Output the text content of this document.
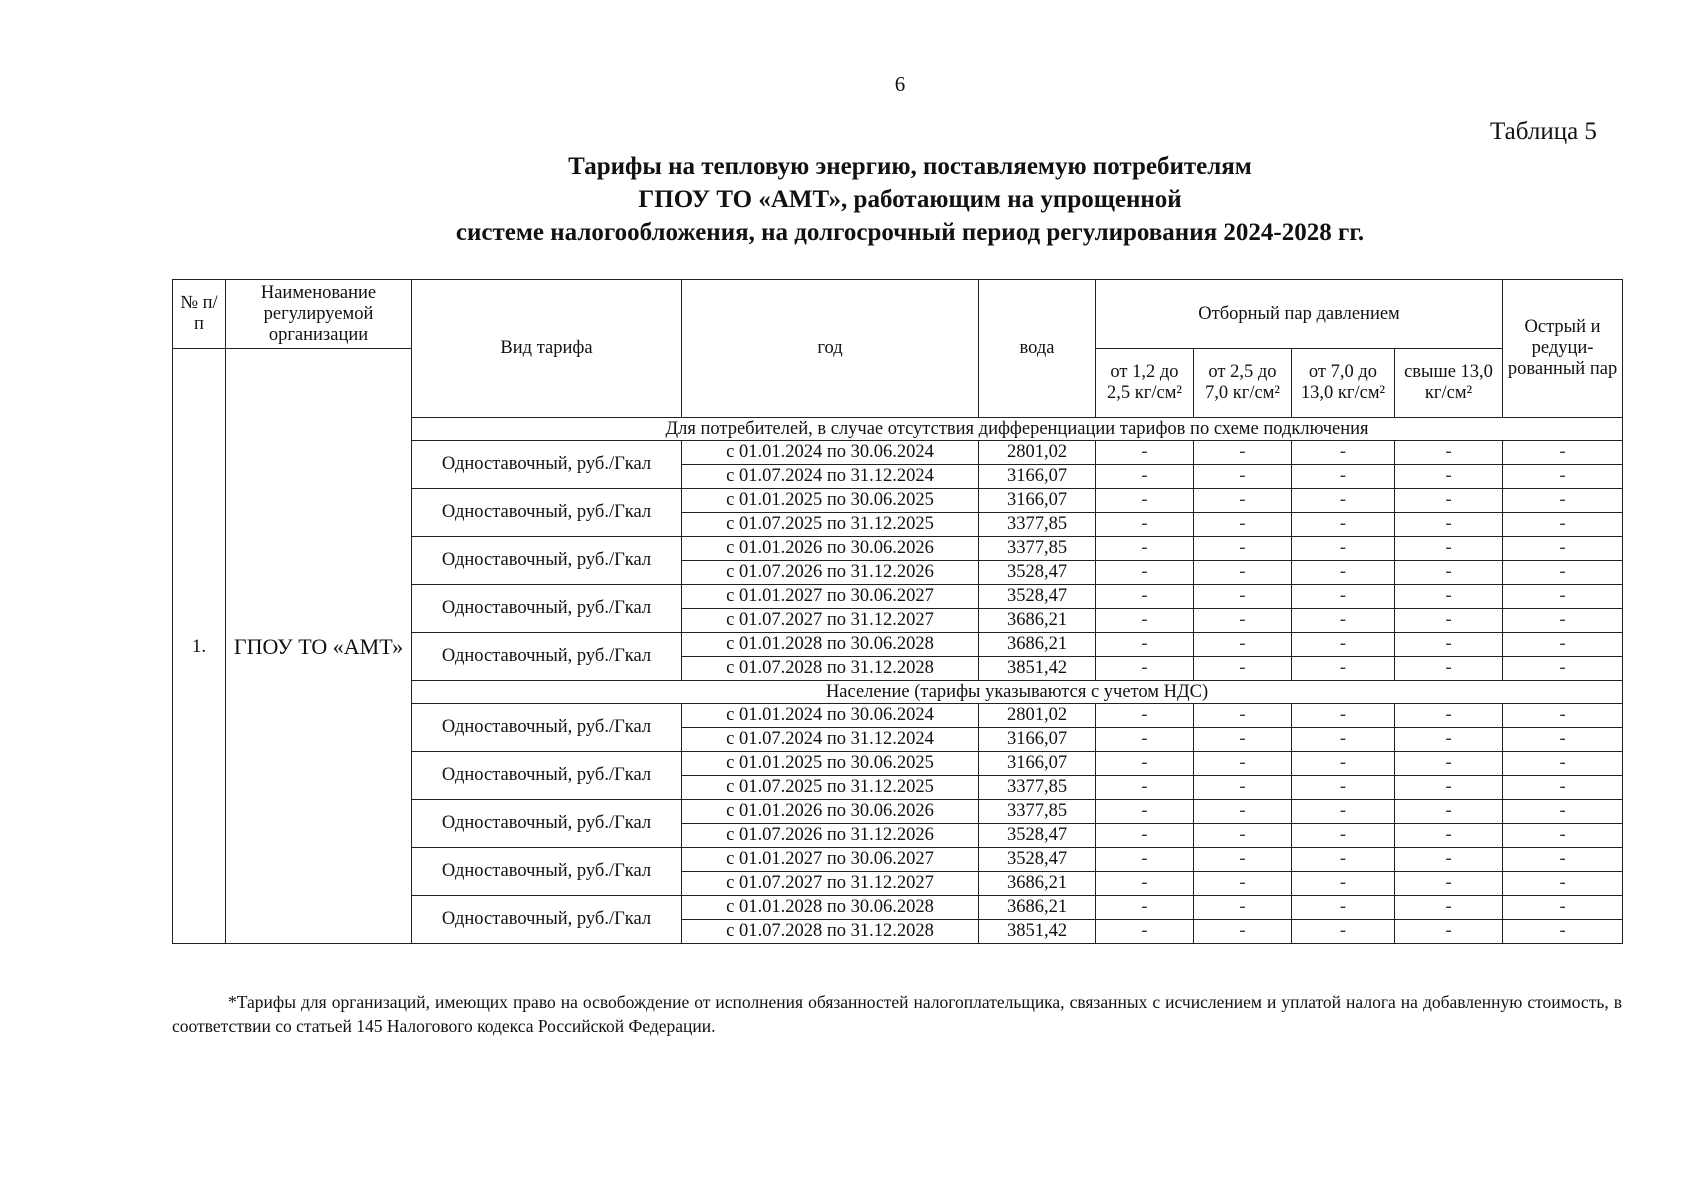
6
Таблица 5
Тарифы на тепловую энергию, поставляемую потребителям
ГПОУ ТО «АМТ», работающим на упрощенной
системе налогообложения, на долгосрочный период регулирования 2024-2028 гг.
№ п/п	Наименование регулируемой организации	Вид тарифа	год	вода	Отборный пар давлением				Острый и редуци-рованный пар
1.	ГПОУ ТО «АМТ»				от 1,2 до 2,5 кг/см²	от 2,5 до 7,0 кг/см²	от 7,0 до 13,0 кг/см²	свыше 13,0 кг/см²	
		Для потребителей, в случае отсутствия дифференциации тарифов по схеме подключения							
		Одноставочный, руб./Гкал	с 01.01.2024 по 30.06.2024	2801,02	-	-	-	-	-
			с 01.07.2024 по 31.12.2024	3166,07	-	-	-	-	-
		Одноставочный, руб./Гкал	с 01.01.2025 по 30.06.2025	3166,07	-	-	-	-	-
			с 01.07.2025 по 31.12.2025	3377,85	-	-	-	-	-
		Одноставочный, руб./Гкал	с 01.01.2026 по 30.06.2026	3377,85	-	-	-	-	-
			с 01.07.2026 по 31.12.2026	3528,47	-	-	-	-	-
		Одноставочный, руб./Гкал	с 01.01.2027 по 30.06.2027	3528,47	-	-	-	-	-
			с 01.07.2027 по 31.12.2027	3686,21	-	-	-	-	-
		Одноставочный, руб./Гкал	с 01.01.2028 по 30.06.2028	3686,21	-	-	-	-	-
			с 01.07.2028 по 31.12.2028	3851,42	-	-	-	-	-
		Население (тарифы указываются с учетом НДС)							
		Одноставочный, руб./Гкал	с 01.01.2024 по 30.06.2024	2801,02	-	-	-	-	-
			с 01.07.2024 по 31.12.2024	3166,07	-	-	-	-	-
		Одноставочный, руб./Гкал	с 01.01.2025 по 30.06.2025	3166,07	-	-	-	-	-
			с 01.07.2025 по 31.12.2025	3377,85	-	-	-	-	-
		Одноставочный, руб./Гкал	с 01.01.2026 по 30.06.2026	3377,85	-	-	-	-	-
			с 01.07.2026 по 31.12.2026	3528,47	-	-	-	-	-
		Одноставочный, руб./Гкал	с 01.01.2027 по 30.06.2027	3528,47	-	-	-	-	-
			с 01.07.2027 по 31.12.2027	3686,21	-	-	-	-	-
		Одноставочный, руб./Гкал	с 01.01.2028 по 30.06.2028	3686,21	-	-	-	-	-
			с 01.07.2028 по 31.12.2028	3851,42	-	-	-	-	-
*Тарифы для организаций, имеющих право на освобождение от исполнения обязанностей налогоплательщика, связанных с исчислением и уплатой налога на добавленную стоимость, в соответствии со статьей 145 Налогового кодекса Российской Федерации.
